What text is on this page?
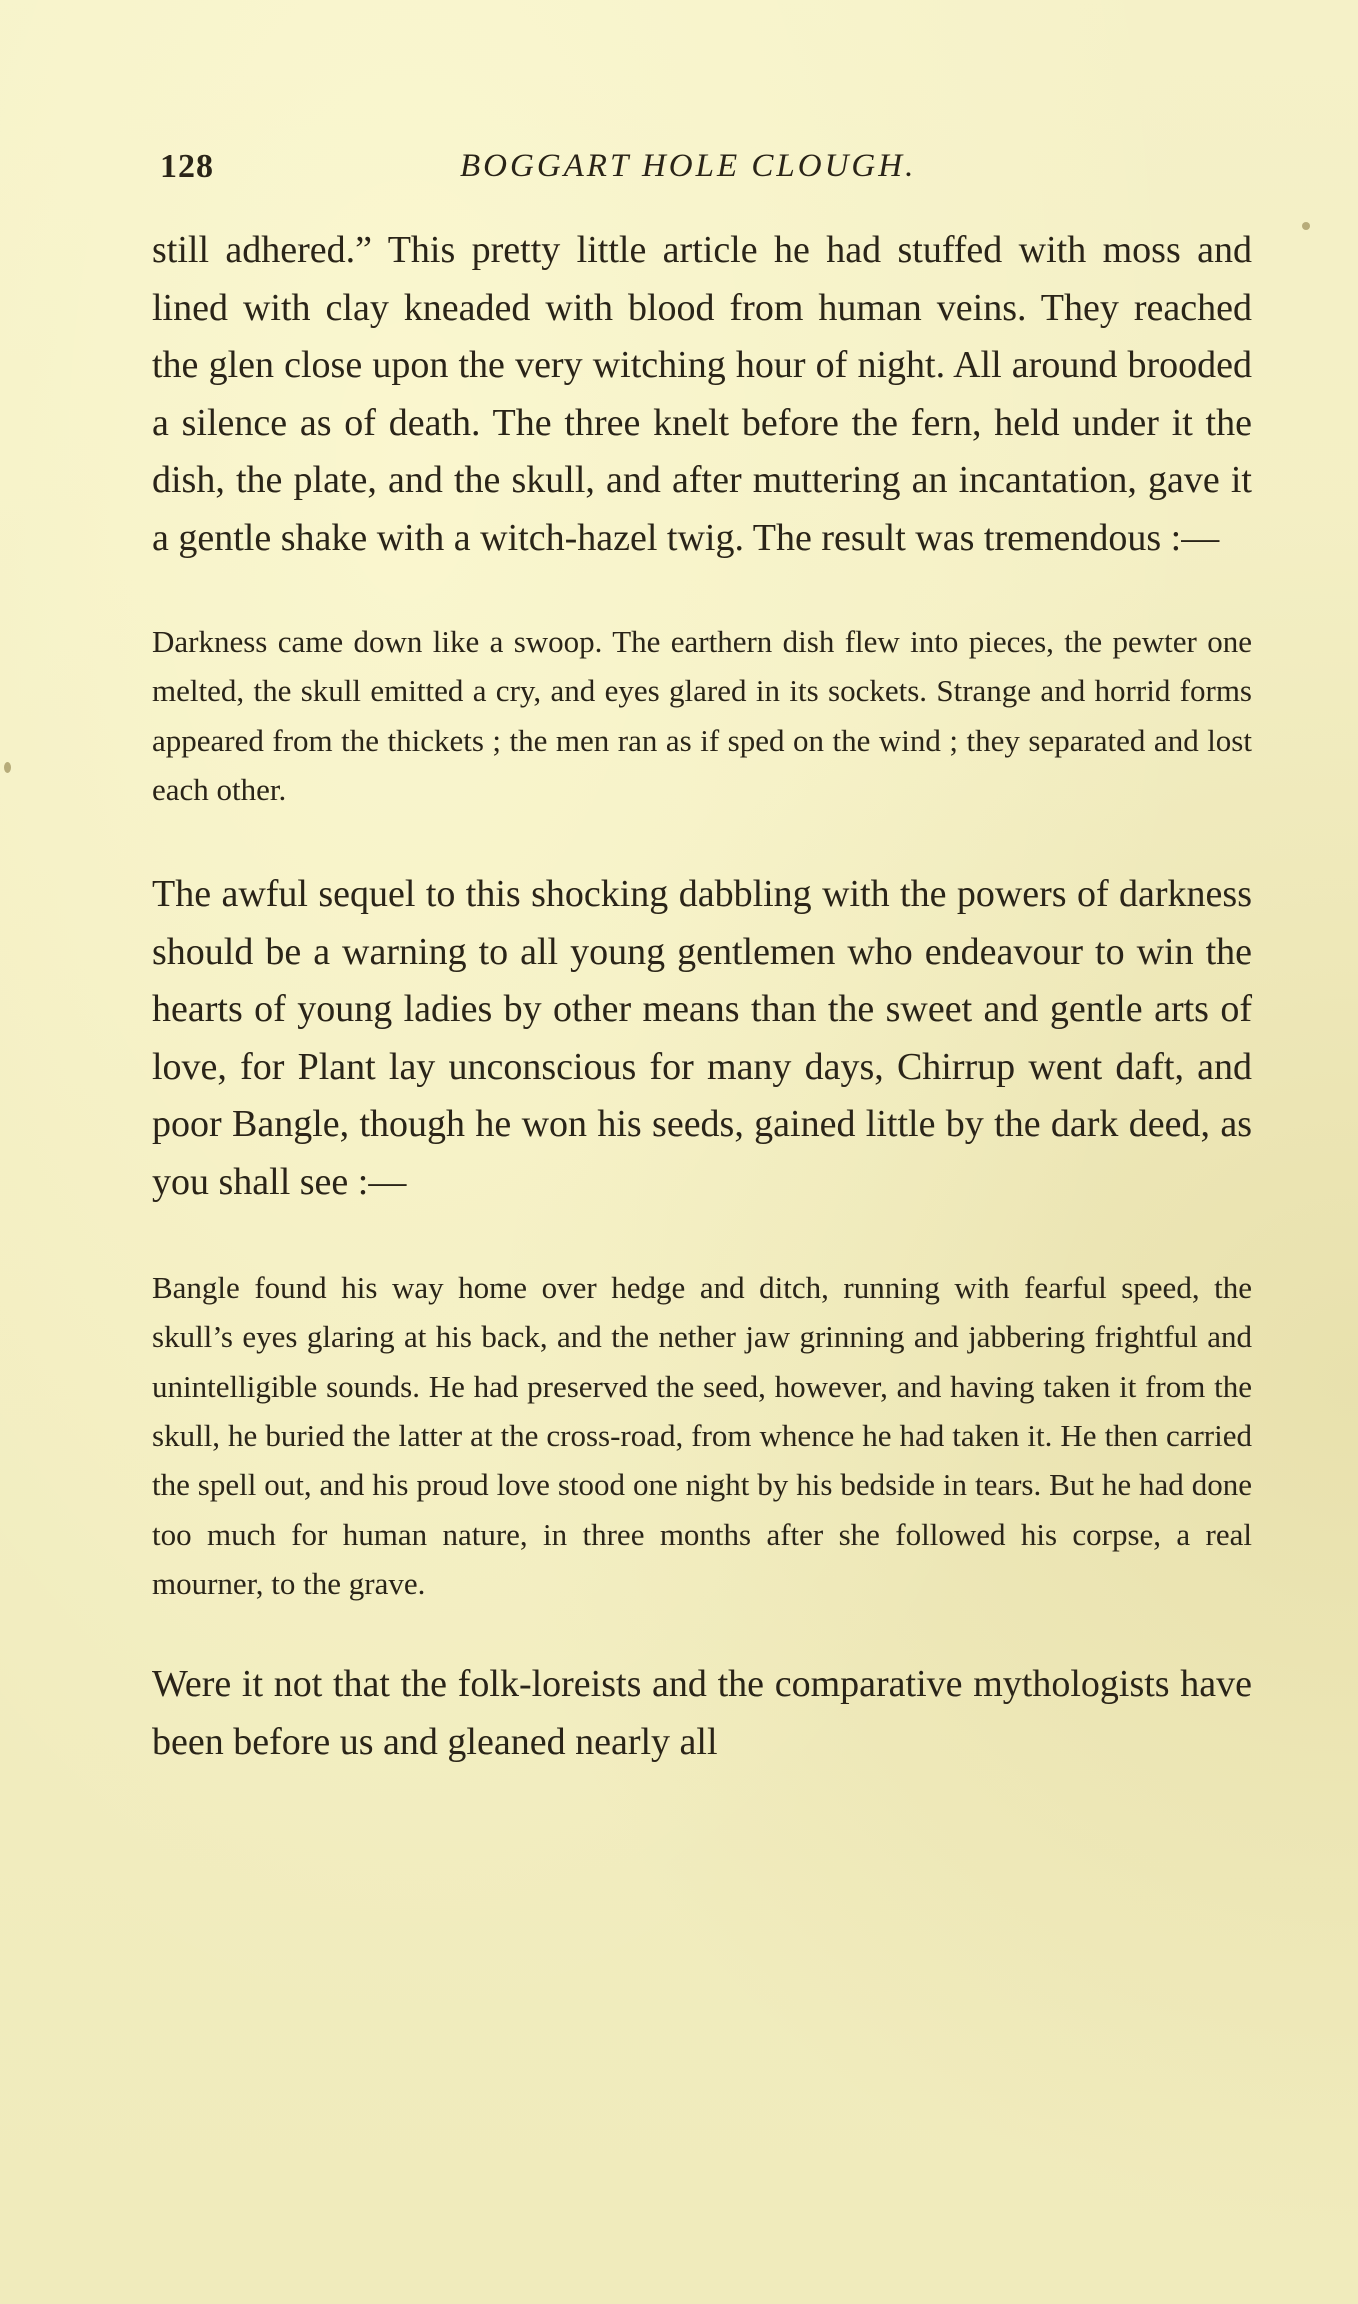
128	BOGGART HOLE CLOUGH.

still adhered.” This pretty little article he had stuffed with moss and lined with clay kneaded with blood from human veins. They reached the glen close upon the very witching hour of night. All around brooded a silence as of death. The three knelt before the fern, held under it the dish, the plate, and the skull, and after muttering an incantation, gave it a gentle shake with a witch-hazel twig. The result was tremendous :—

Darkness came down like a swoop. The earthern dish flew into pieces, the pewter one melted, the skull emitted a cry, and eyes glared in its sockets. Strange and horrid forms appeared from the thickets ; the men ran as if sped on the wind ; they separated and lost each other.

The awful sequel to this shocking dabbling with the powers of darkness should be a warning to all young gentlemen who endeavour to win the hearts of young ladies by other means than the sweet and gentle arts of love, for Plant lay unconscious for many days, Chirrup went daft, and poor Bangle, though he won his seeds, gained little by the dark deed, as you shall see :—

Bangle found his way home over hedge and ditch, running with fearful speed, the skull’s eyes glaring at his back, and the nether jaw grinning and jabbering frightful and unintelligible sounds. He had preserved the seed, however, and having taken it from the skull, he buried the latter at the cross-road, from whence he had taken it. He then carried the spell out, and his proud love stood one night by his bedside in tears. But he had done too much for human nature, in three months after she followed his corpse, a real mourner, to the grave.

Were it not that the folk-loreists and the comparative mythologists have been before us and gleaned nearly all
